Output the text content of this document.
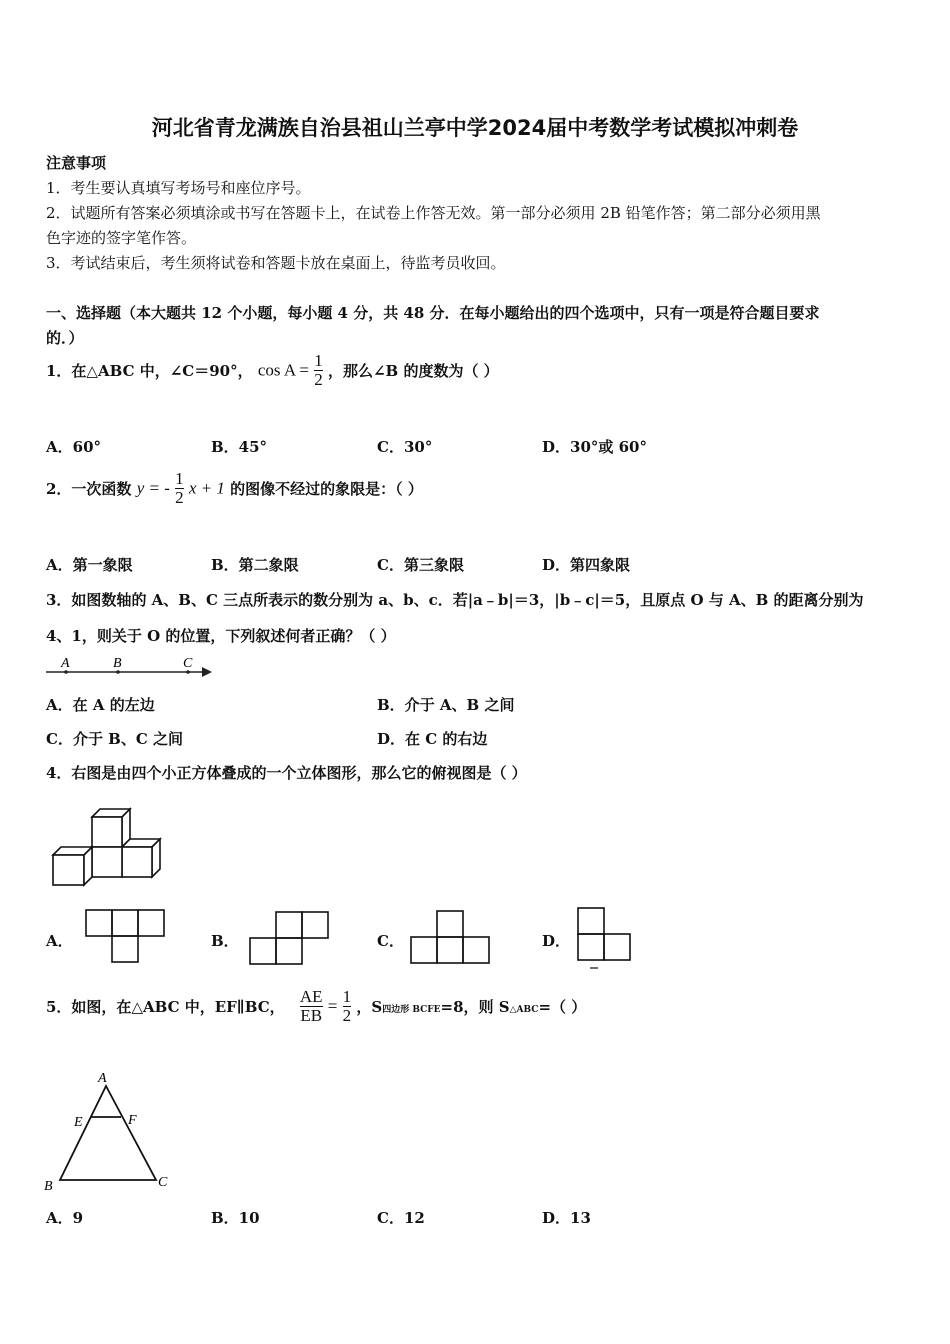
河北省青龙满族自治县祖山兰亭中学2024届中考数学考试模拟冲刺卷
注意事项
1．考生要认真填写考场号和座位序号。
2．试题所有答案必须填涂或书写在答题卡上，在试卷上作答无效。第一部分必须用 2B 铅笔作答；第二部分必须用黑
色字迹的签字笔作答。
3．考试结束后，考生须将试卷和答题卡放在桌面上，待监考员收回。
一、选择题（本大题共 12 个小题，每小题 4 分，共 48 分．在每小题给出的四个选项中，只有一项是符合题目要求
的．）
1．在△ABC 中，∠C＝90°， $\cos A = \frac{1}{2}$ ，那么∠B 的度数为（ ）
A．60°	B．45°	C．30°	D．30°或 60°
2．一次函数 y = - $\frac{1}{2}$ x + 1 的图像不经过的象限是：（ ）
A．第一象限	B．第二象限	C．第三象限	D．第四象限
3．如图数轴的 A、B、C 三点所表示的数分别为 a、b、c．若|a﹣b|＝3，|b﹣c|＝5，且原点 O 与 A、B 的距离分别为
4、1，则关于 O 的位置，下列叙述何者正确？（ ）
A	B	C
A．在 A 的左边	B．介于 A、B 之间
C．介于 B、C 之间	D．在 C 的右边
4．右图是由四个小正方体叠成的一个立体图形，那么它的俯视图是（ ）
A．	B．	C．	D．
5．如图，在△ABC 中，EF∥BC， $\frac{AE}{EB} = \frac{1}{2}$ ，S四边形 BCFE=8，则 S△ABC=（ ）
A
E	F
B	C
A．9	B．10	C．12	D．13
